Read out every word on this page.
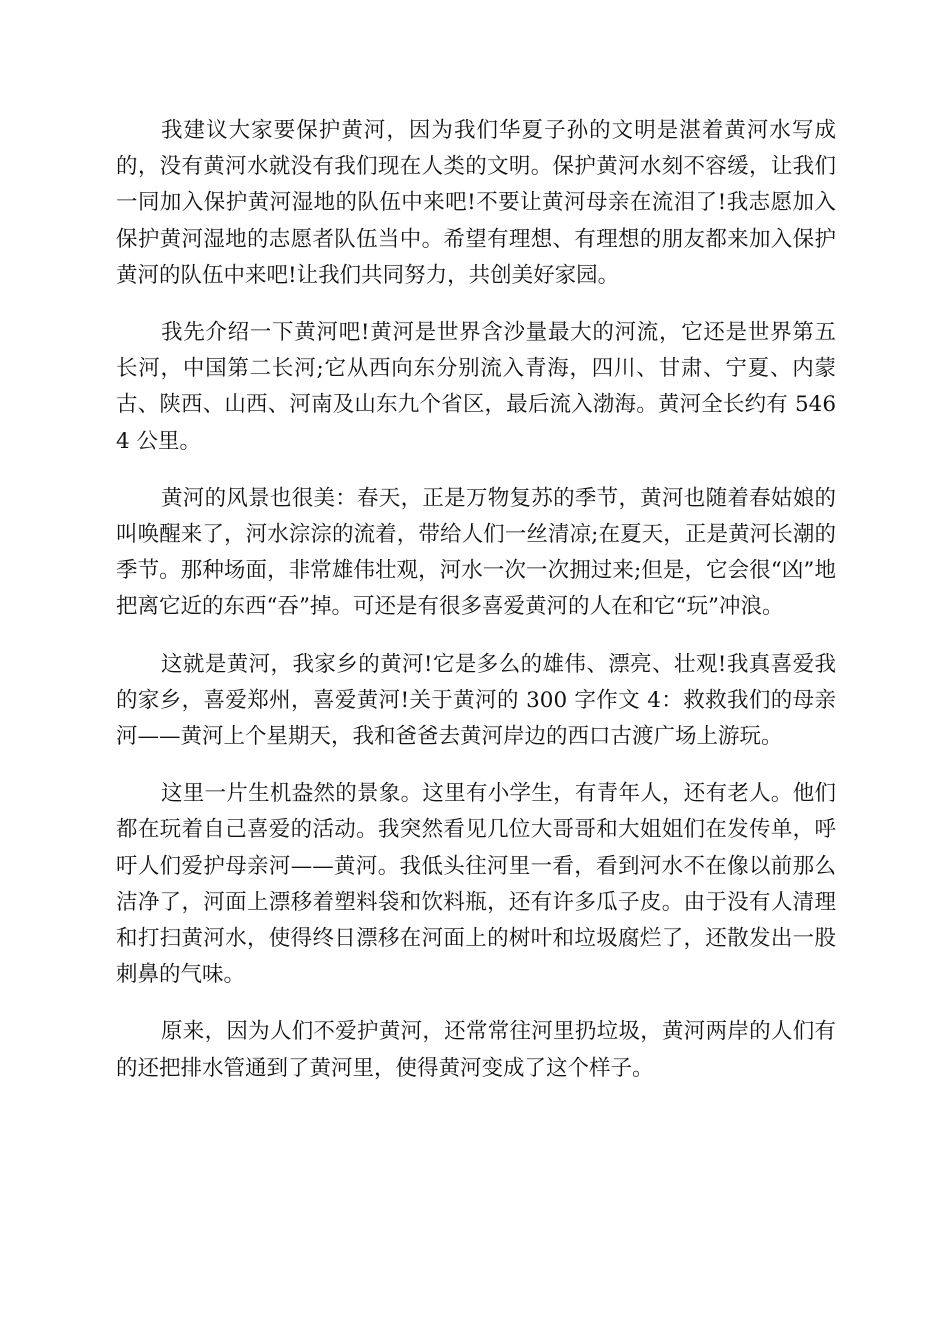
我建议大家要保护黄河，因为我们华夏子孙的文明是湛着黄河水写成的，没有黄河水就没有我们现在人类的文明。保护黄河水刻不容缓，让我们一同加入保护黄河湿地的队伍中来吧!不要让黄河母亲在流泪了!我志愿加入保护黄河湿地的志愿者队伍当中。希望有理想、有理想的朋友都来加入保护黄河的队伍中来吧!让我们共同努力，共创美好家园。

我先介绍一下黄河吧!黄河是世界含沙量最大的河流，它还是世界第五长河，中国第二长河;它从西向东分别流入青海，四川、甘肃、宁夏、内蒙古、陕西、山西、河南及山东九个省区，最后流入渤海。黄河全长约有 5464 公里。

黄河的风景也很美：春天，正是万物复苏的季节，黄河也随着春姑娘的叫唤醒来了，河水淙淙的流着，带给人们一丝清凉;在夏天，正是黄河长潮的季节。那种场面，非常雄伟壮观，河水一次一次拥过来;但是，它会很“凶”地把离它近的东西“吞”掉。可还是有很多喜爱黄河的人在和它“玩”冲浪。

这就是黄河，我家乡的黄河!它是多么的雄伟、漂亮、壮观!我真喜爱我的家乡，喜爱郑州，喜爱黄河!关于黄河的 300 字作文 4：救救我们的母亲河——黄河上个星期天，我和爸爸去黄河岸边的西口古渡广场上游玩。

这里一片生机盎然的景象。这里有小学生，有青年人，还有老人。他们都在玩着自己喜爱的活动。我突然看见几位大哥哥和大姐姐们在发传单，呼吁人们爱护母亲河——黄河。我低头往河里一看，看到河水不在像以前那么洁净了，河面上漂移着塑料袋和饮料瓶，还有许多瓜子皮。由于没有人清理和打扫黄河水，使得终日漂移在河面上的树叶和垃圾腐烂了，还散发出一股刺鼻的气味。

原来，因为人们不爱护黄河，还常常往河里扔垃圾，黄河两岸的人们有的还把排水管通到了黄河里，使得黄河变成了这个样子。
